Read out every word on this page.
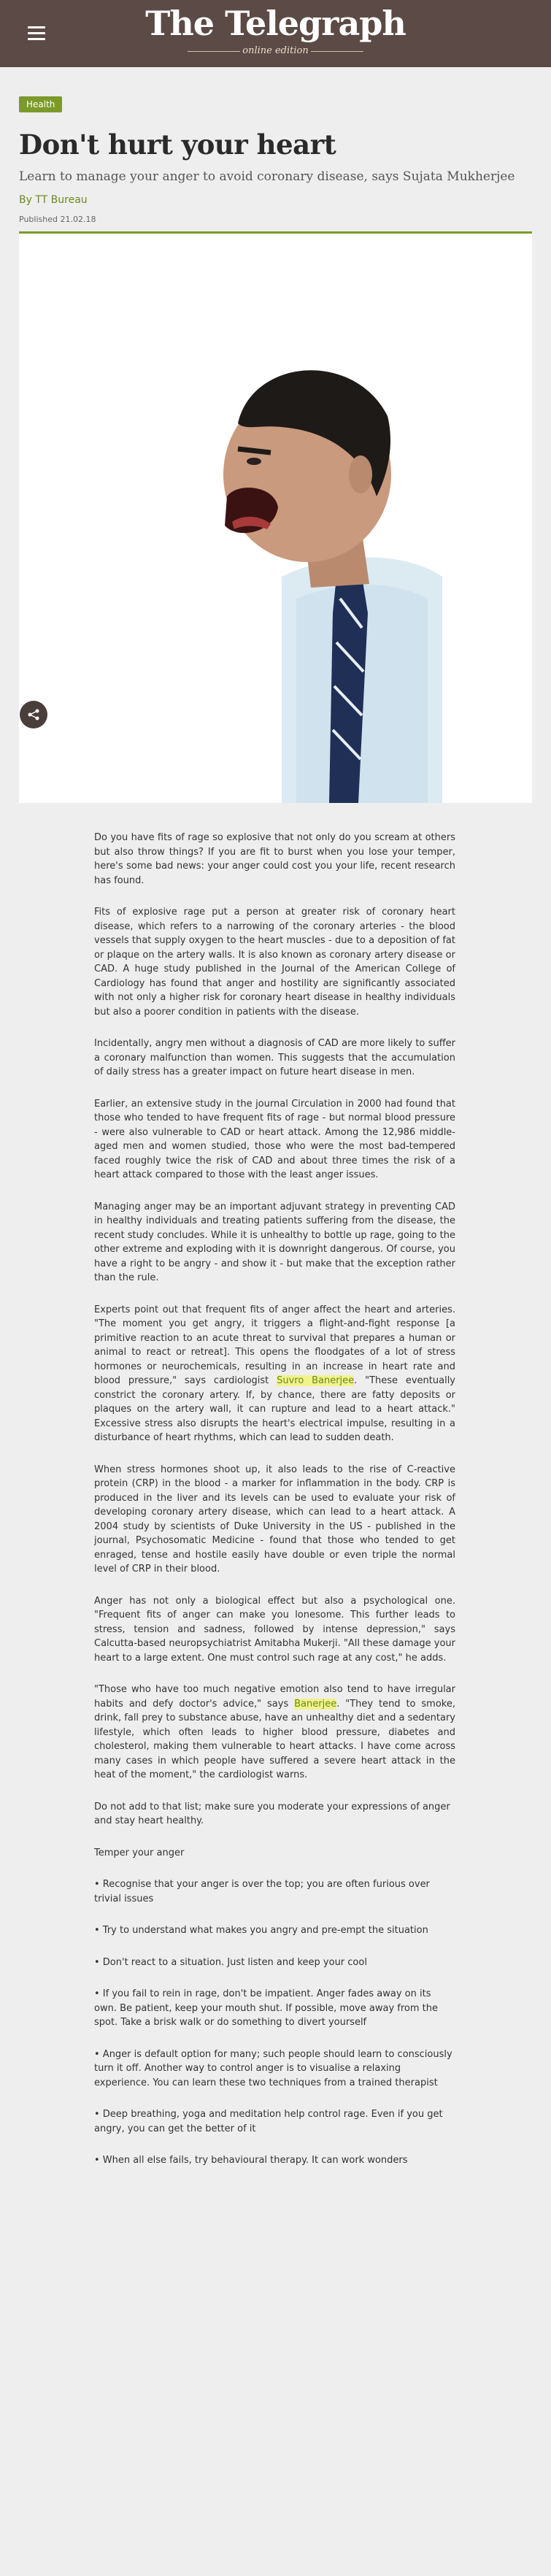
The Telegraph
online edition
Health
Don't hurt your heart
Learn to manage your anger to avoid coronary disease, says Sujata Mukherjee
By TT Bureau
Published 21.02.18

Do you have fits of rage so explosive that not only do you scream at others but also throw things? If you are fit to burst when you lose your temper, here's some bad news: your anger could cost you your life, recent research has found.

Fits of explosive rage put a person at greater risk of coronary heart disease, which refers to a narrowing of the coronary arteries - the blood vessels that supply oxygen to the heart muscles - due to a deposition of fat or plaque on the artery walls. It is also known as coronary artery disease or CAD. A huge study published in the Journal of the American College of Cardiology has found that anger and hostility are significantly associated with not only a higher risk for coronary heart disease in healthy individuals but also a poorer condition in patients with the disease.

Incidentally, angry men without a diagnosis of CAD are more likely to suffer a coronary malfunction than women. This suggests that the accumulation of daily stress has a greater impact on future heart disease in men.

Earlier, an extensive study in the journal Circulation in 2000 had found that those who tended to have frequent fits of rage - but normal blood pressure - were also vulnerable to CAD or heart attack. Among the 12,986 middle-aged men and women studied, those who were the most bad-tempered faced roughly twice the risk of CAD and about three times the risk of a heart attack compared to those with the least anger issues.

Managing anger may be an important adjuvant strategy in preventing CAD in healthy individuals and treating patients suffering from the disease, the recent study concludes. While it is unhealthy to bottle up rage, going to the other extreme and exploding with it is downright dangerous. Of course, you have a right to be angry - and show it - but make that the exception rather than the rule.

Experts point out that frequent fits of anger affect the heart and arteries. "The moment you get angry, it triggers a flight-and-fight response [a primitive reaction to an acute threat to survival that prepares a human or animal to react or retreat]. This opens the floodgates of a lot of stress hormones or neurochemicals, resulting in an increase in heart rate and blood pressure," says cardiologist Suvro Banerjee. "These eventually constrict the coronary artery. If, by chance, there are fatty deposits or plaques on the artery wall, it can rupture and lead to a heart attack." Excessive stress also disrupts the heart's electrical impulse, resulting in a disturbance of heart rhythms, which can lead to sudden death.

When stress hormones shoot up, it also leads to the rise of C-reactive protein (CRP) in the blood - a marker for inflammation in the body. CRP is produced in the liver and its levels can be used to evaluate your risk of developing coronary artery disease, which can lead to a heart attack. A 2004 study by scientists of Duke University in the US - published in the journal, Psychosomatic Medicine - found that those who tended to get enraged, tense and hostile easily have double or even triple the normal level of CRP in their blood.

Anger has not only a biological effect but also a psychological one. "Frequent fits of anger can make you lonesome. This further leads to stress, tension and sadness, followed by intense depression," says Calcutta-based neuropsychiatrist Amitabha Mukerji. "All these damage your heart to a large extent. One must control such rage at any cost," he adds.

"Those who have too much negative emotion also tend to have irregular habits and defy doctor's advice," says Banerjee. "They tend to smoke, drink, fall prey to substance abuse, have an unhealthy diet and a sedentary lifestyle, which often leads to higher blood pressure, diabetes and cholesterol, making them vulnerable to heart attacks. I have come across many cases in which people have suffered a severe heart attack in the heat of the moment," the cardiologist warns.

Do not add to that list; make sure you moderate your expressions of anger and stay heart healthy.

Temper your anger

• Recognise that your anger is over the top; you are often furious over trivial issues

• Try to understand what makes you angry and pre-empt the situation

• Don't react to a situation. Just listen and keep your cool

• If you fail to rein in rage, don't be impatient. Anger fades away on its own. Be patient, keep your mouth shut. If possible, move away from the spot. Take a brisk walk or do something to divert yourself

• Anger is default option for many; such people should learn to consciously turn it off. Another way to control anger is to visualise a relaxing experience. You can learn these two techniques from a trained therapist

• Deep breathing, yoga and meditation help control rage. Even if you get angry, you can get the better of it

• When all else fails, try behavioural therapy. It can work wonders
